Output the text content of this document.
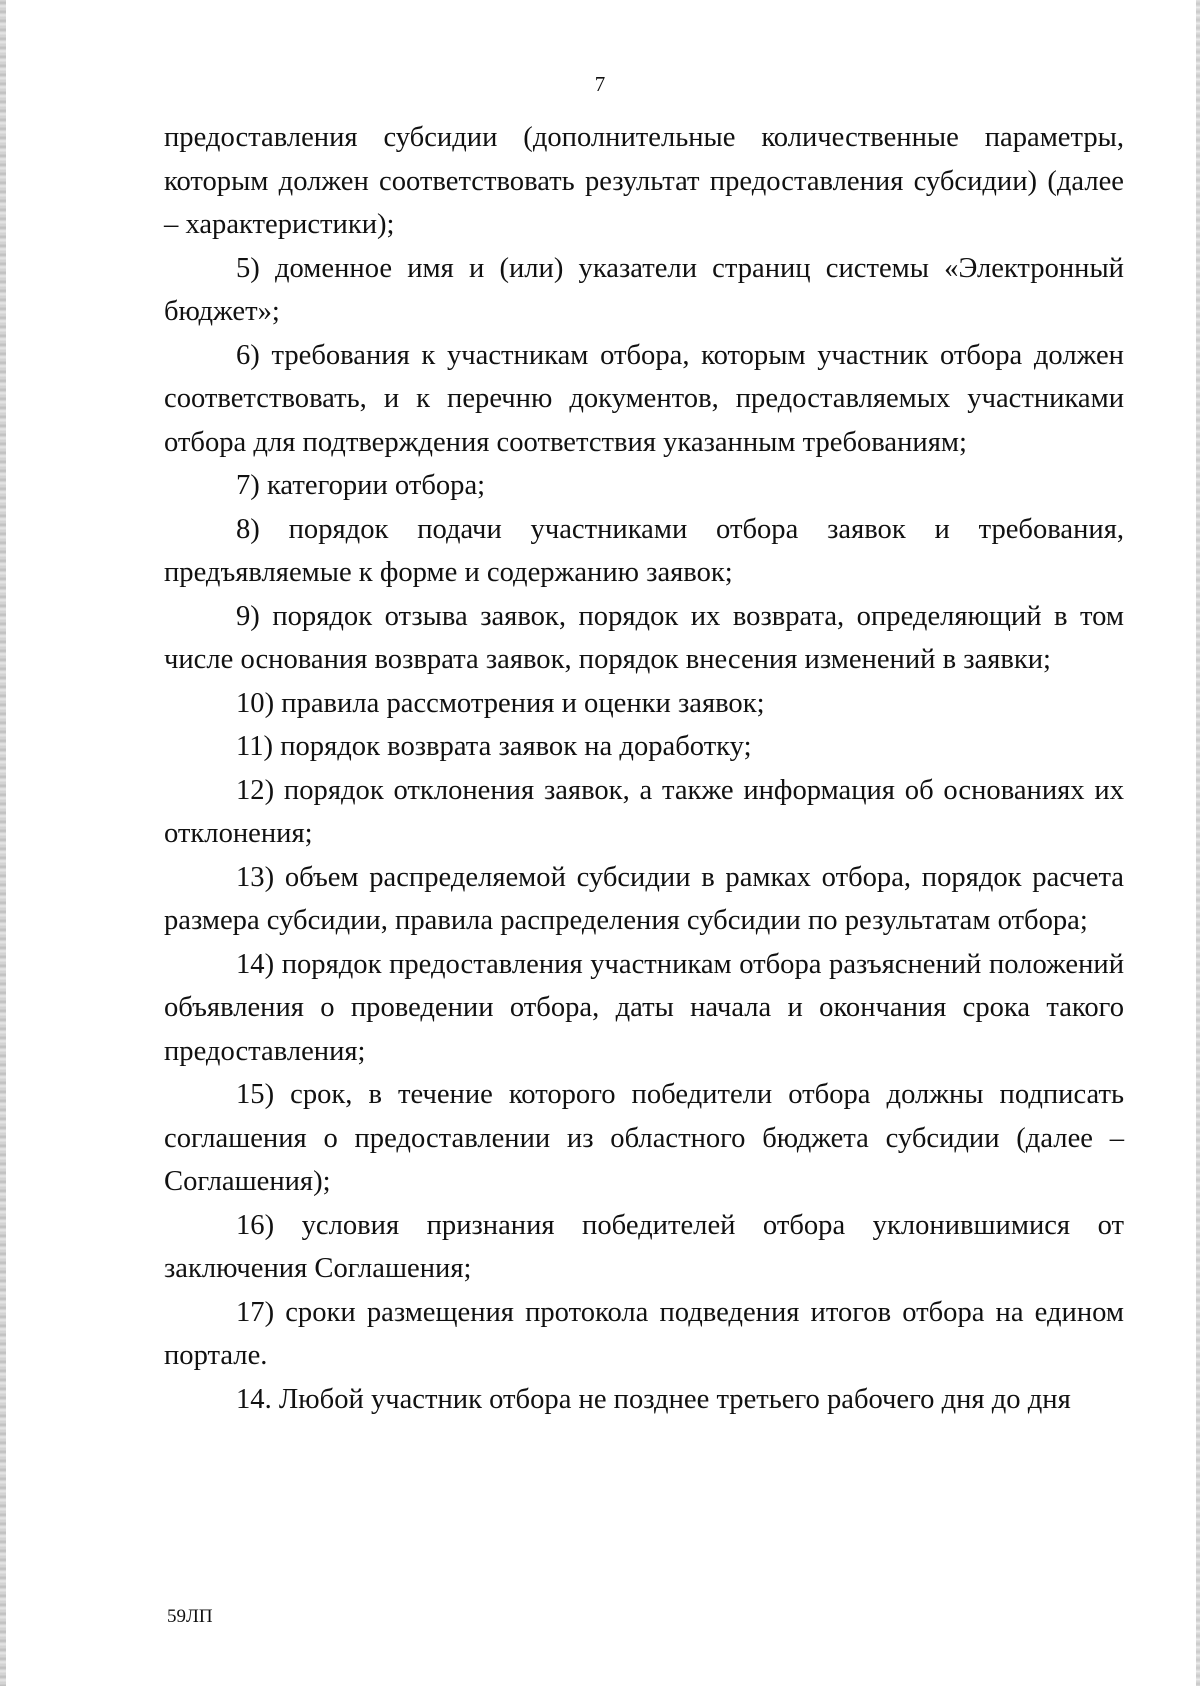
7

предоставления субсидии (дополнительные количественные параметры, которым должен соответствовать результат предоставления субсидии) (далее – характеристики);

5) доменное имя и (или) указатели страниц системы «Электронный бюджет»;

6) требования к участникам отбора, которым участник отбора должен соответствовать, и к перечню документов, предоставляемых участниками отбора для подтверждения соответствия указанным требованиям;

7) категории отбора;

8) порядок подачи участниками отбора заявок и требования, предъявляемые к форме и содержанию заявок;

9) порядок отзыва заявок, порядок их возврата, определяющий в том числе основания возврата заявок, порядок внесения изменений в заявки;

10) правила рассмотрения и оценки заявок;

11) порядок возврата заявок на доработку;

12) порядок отклонения заявок, а также информация об основаниях их отклонения;

13) объем распределяемой субсидии в рамках отбора, порядок расчета размера субсидии, правила распределения субсидии по результатам отбора;

14) порядок предоставления участникам отбора разъяснений положений объявления о проведении отбора, даты начала и окончания срока такого предоставления;

15) срок, в течение которого победители отбора должны подписать соглашения о предоставлении из областного бюджета субсидии (далее – Соглашения);

16) условия признания победителей отбора уклонившимися от заключения Соглашения;

17) сроки размещения протокола подведения итогов отбора на едином портале.

14. Любой участник отбора не позднее третьего рабочего дня до дня

59ЛП
